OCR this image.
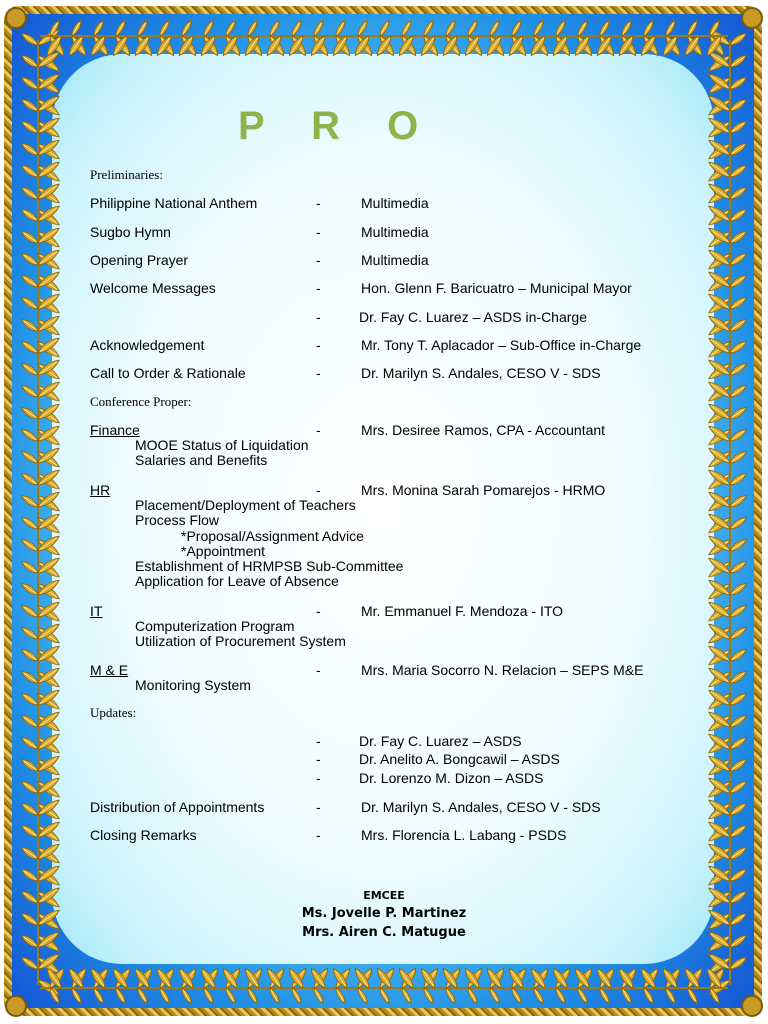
P R O
Preliminaries:
Philippine National Anthem	-	Multimedia
Sugbo Hymn	-	Multimedia
Opening Prayer	-	Multimedia
Welcome Messages	-	Hon. Glenn F. Baricuatro – Municipal Mayor
-	Dr. Fay C. Luarez – ASDS in-Charge
Acknowledgement	-	Mr. Tony T. Aplacador – Sub-Office in-Charge
Call to Order & Rationale	-	Dr. Marilyn S. Andales, CESO V - SDS
Conference Proper:
Finance	-	Mrs. Desiree Ramos, CPA - Accountant
MOOE Status of Liquidation
Salaries and Benefits
HR	-	Mrs. Monina Sarah Pomarejos - HRMO
Placement/Deployment of Teachers
Process Flow
*Proposal/Assignment Advice
*Appointment
Establishment of HRMPSB Sub-Committee
Application for Leave of Absence
IT	-	Mr. Emmanuel F. Mendoza - ITO
Computerization Program
Utilization of Procurement System
M & E	-	Mrs. Maria Socorro N. Relacion – SEPS M&E
Monitoring System
Updates:
-	Dr. Fay C. Luarez – ASDS
-	Dr. Anelito A. Bongcawil – ASDS
-	Dr. Lorenzo M. Dizon – ASDS
Distribution of Appointments	-	Dr. Marilyn S. Andales, CESO V - SDS
Closing Remarks	-	Mrs. Florencia L. Labang - PSDS
EMCEE
Ms. Jovelle P. Martinez
Mrs. Airen C. Matugue
